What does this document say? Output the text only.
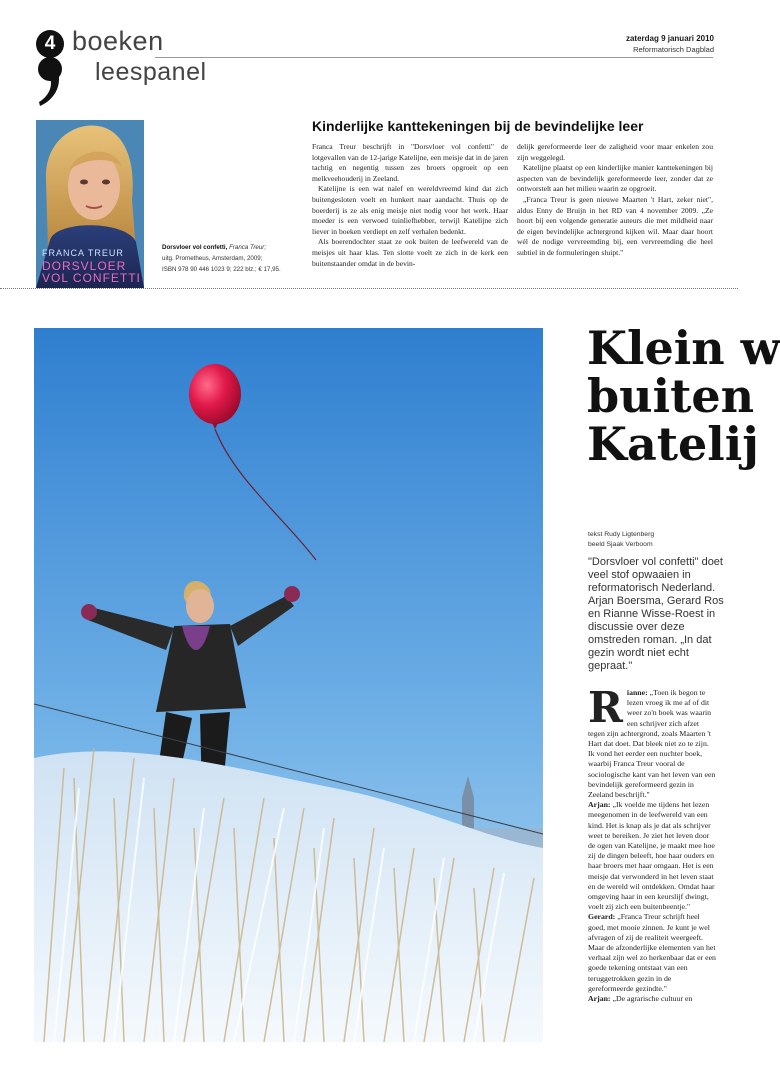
4 boeken
leespanel
zaterdag 9 januari 2010
Reformatorisch Dagblad
FRANCA TREUR
DORSVLOER
VOL CONFETTI
Dorsvloer vol confetti, Franca Treur;
uitg. Prometheus, Amsterdam, 2009;
ISBN 978 90 446 1023 9; 222 blz.; € 17,95.
Kinderlijke kanttekeningen bij de bevindelijke leer

Franca Treur beschrijft in "Dorsvloer vol confetti" de lotgevallen van de 12-jarige Katelijne, een meisje dat in de jaren tachtig en negentig tussen zes broers opgroeit op een melkveehouderij in Zeeland.

Katelijne is een wat naïef en wereldvreemd kind dat zich buitengesloten voelt en hunkert naar aandacht. Thuis op de boerderij is ze als enig meisje niet nodig voor het werk. Haar moeder is een verwoed tuinliefhebber, terwijl Katelijne zich liever in boeken verdiept en zelf verhalen bedenkt.

Als boerendochter staat ze ook buiten de leefwereld van de meisjes uit haar klas. Ten slotte voelt ze zich in de kerk een buitenstaander omdat in de bevin-

delijk gereformeerde leer de zaligheid voor maar enkelen zou zijn weggelegd.

Katelijne plaatst op een kinderlijke manier kanttekeningen bij aspecten van de bevindelijk gereformeerde leer, zonder dat ze ontworstelt aan het milieu waarin ze opgroeit.

„Franca Treur is geen nieuwe Maarten 't Hart, zeker niet", aldus Enny de Bruijn in het RD van 4 november 2009. „Ze hoort bij een volgende generatie auteurs die met mildheid naar de eigen bevindelijke achtergrond kijken wil. Maar daar hoort wél de nodige vervreemding bij, een vervreemding die heel subtiel in de formuleringen sluipt."

Klein w
buiten
Katelij
tekst Rudy Ligtenberg
beeld Sjaak Verboom
"Dorsvloer vol confetti" doet veel stof opwaaien in reformatorisch Nederland. Arjan Boersma, Gerard Ros en Rianne Wisse-Roest in discussie over deze omstreden roman. „In dat gezin wordt niet echt gepraat."

Rianne: „Toen ik begon te lezen vroeg ik me af of dit weer zo'n boek was waarin een schrijver zich afzet tegen zijn achtergrond, zoals Maarten 't Hart dat doet. Dat bleek niet zo te zijn. Ik vond het eerder een nuchter boek, waarbij Franca Treur vooral de sociologische kant van het leven van een bevindelijk gereformeerd gezin in Zeeland beschrijft."

Arjan: „Ik voelde me tijdens het lezen meegenomen in de leefwereld van een kind. Het is knap als je dat als schrijver weet te bereiken. Je ziet het leven door de ogen van Katelijne, je maakt mee hoe zij de dingen beleeft, hoe haar ouders en haar broers met haar omgaan. Het is een meisje dat verwonderd in het leven staat en de wereld wil ontdekken. Omdat haar omgeving haar in een keurslijf dwingt, voelt zij zich een buitenbeentje."

Gerard: „Franca Treur schrijft heel goed, met mooie zinnen. Je kunt je wel afvragen of zij de realiteit weergeeft. Maar de afzonderlijke elementen van het verhaal zijn wel zo herkenbaar dat er een goede tekening ontstaat van een teruggetrokken gezin in de gereformeerde gezindte."

Arjan: „De agrarische cultuur en
